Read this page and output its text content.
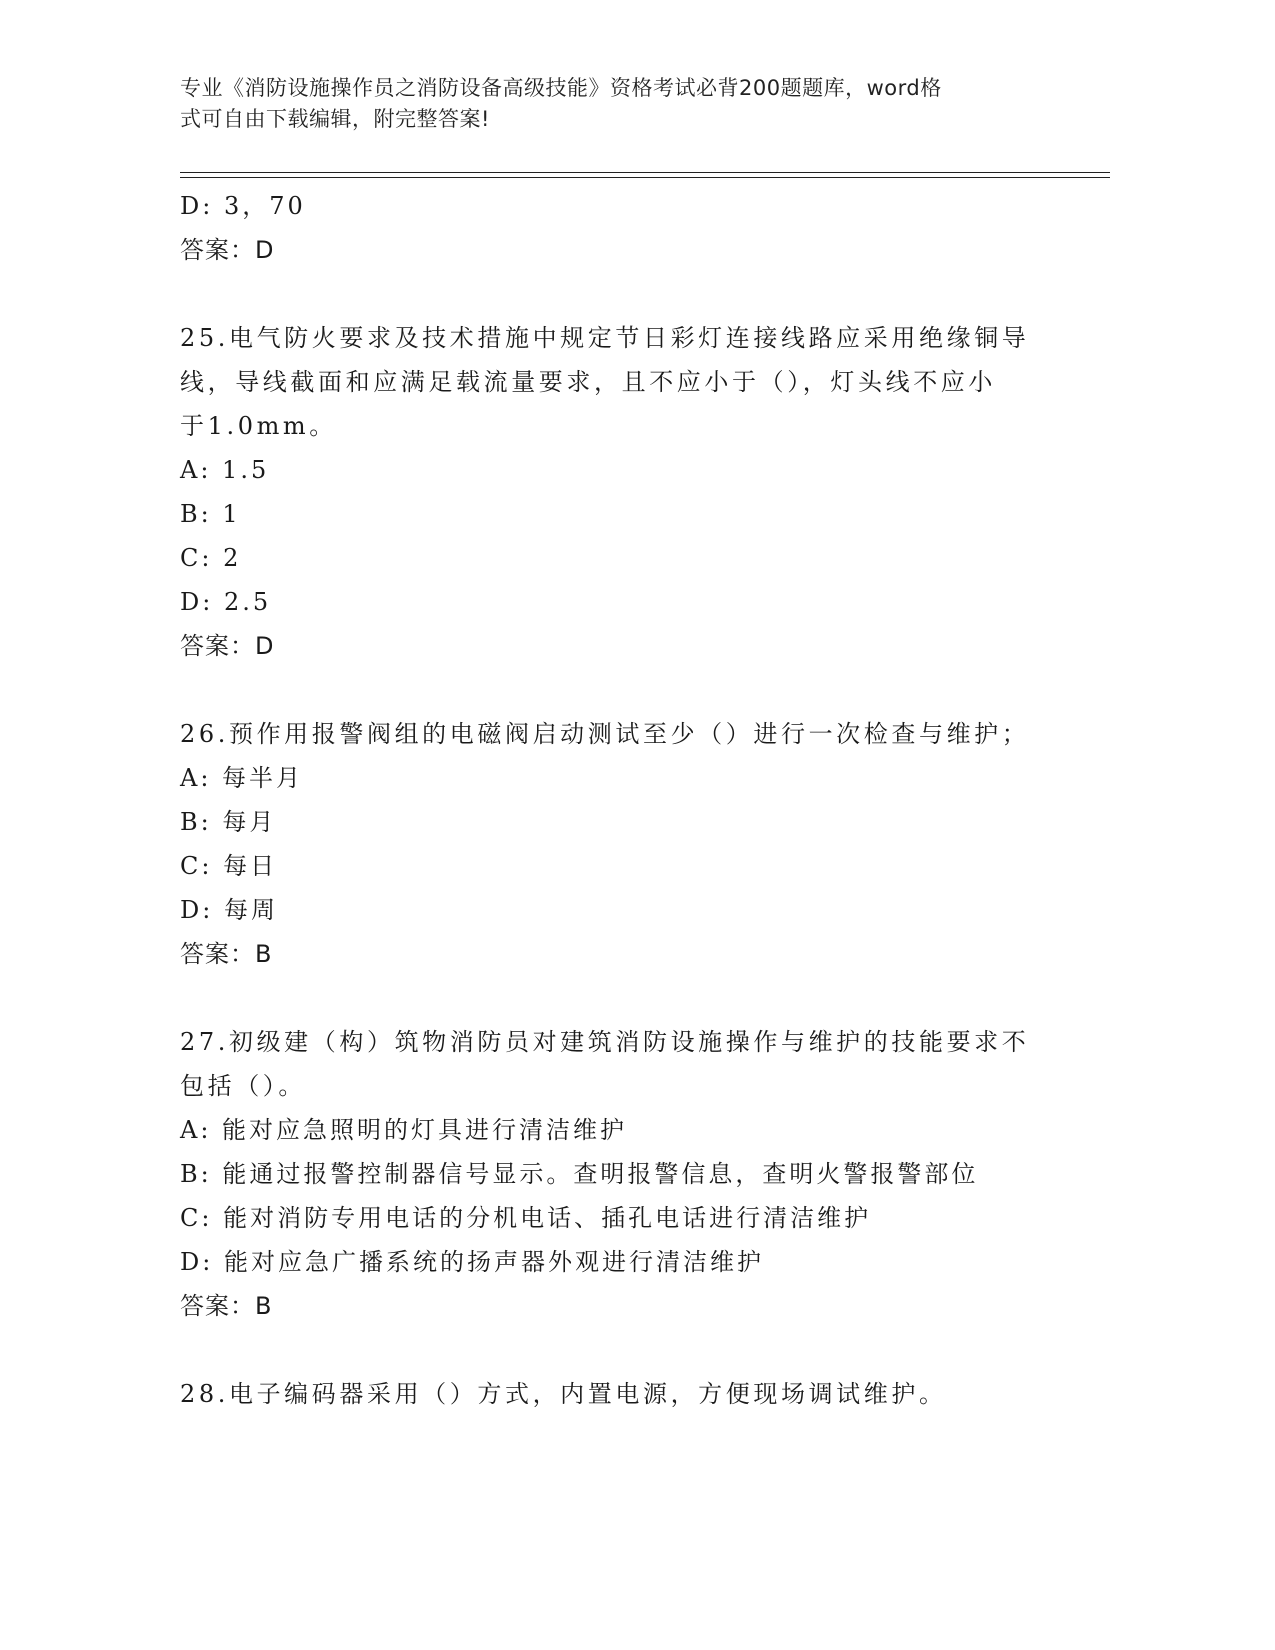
专业《消防设施操作员之消防设备高级技能》资格考试必背200题题库，word格
式可自由下载编辑，附完整答案!
D: 3，70
答案：D
25.电气防火要求及技术措施中规定节日彩灯连接线路应采用绝缘铜导
线，导线截面和应满足载流量要求，且不应小于（），灯头线不应小
于1.0mm。
A: 1.5
B: 1
C: 2
D: 2.5
答案：D
26.预作用报警阀组的电磁阀启动测试至少（）进行一次检查与维护；
A: 每半月
B: 每月
C: 每日
D: 每周
答案：B
27.初级建（构）筑物消防员对建筑消防设施操作与维护的技能要求不
包括（）。
A: 能对应急照明的灯具进行清洁维护
B: 能通过报警控制器信号显示。查明报警信息，查明火警报警部位
C: 能对消防专用电话的分机电话、插孔电话进行清洁维护
D: 能对应急广播系统的扬声器外观进行清洁维护
答案：B
28.电子编码器采用（）方式，内置电源，方便现场调试维护。
